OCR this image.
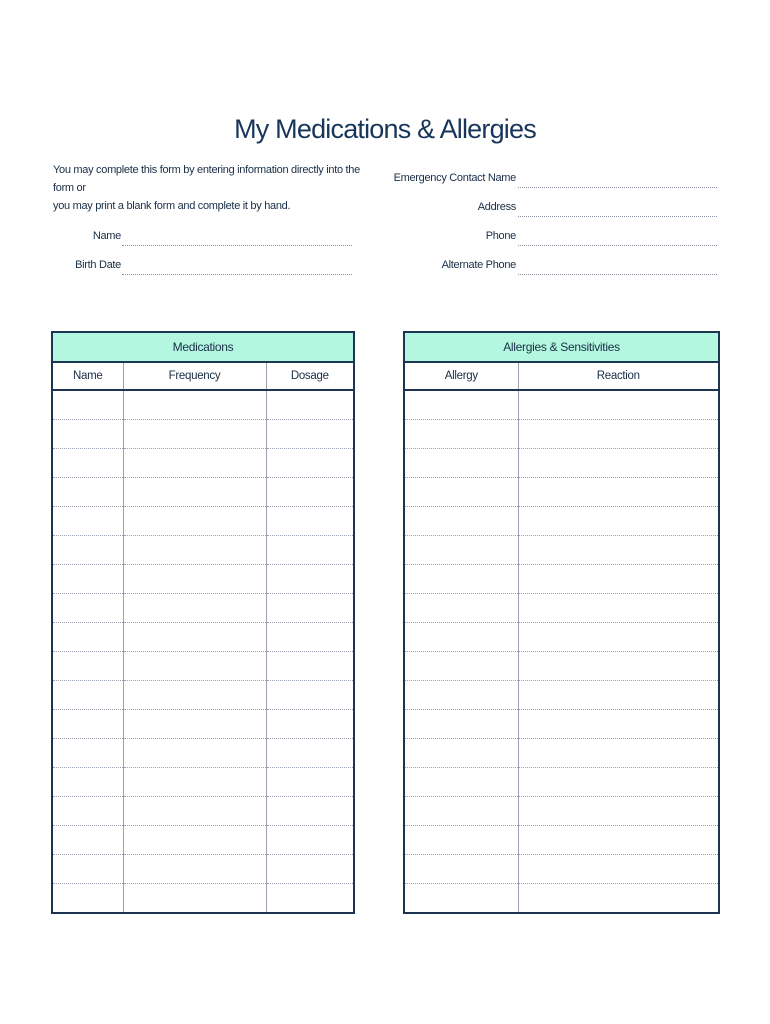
My Medications & Allergies
You may complete this form by entering information directly into the form or
you may print a blank form and complete it by hand.
Name
Birth Date
Emergency Contact Name
Address
Phone
Alternate Phone
Medications		
Name	Frequency	Dosage

Allergies & Sensitivities	
Allergy	Reaction
